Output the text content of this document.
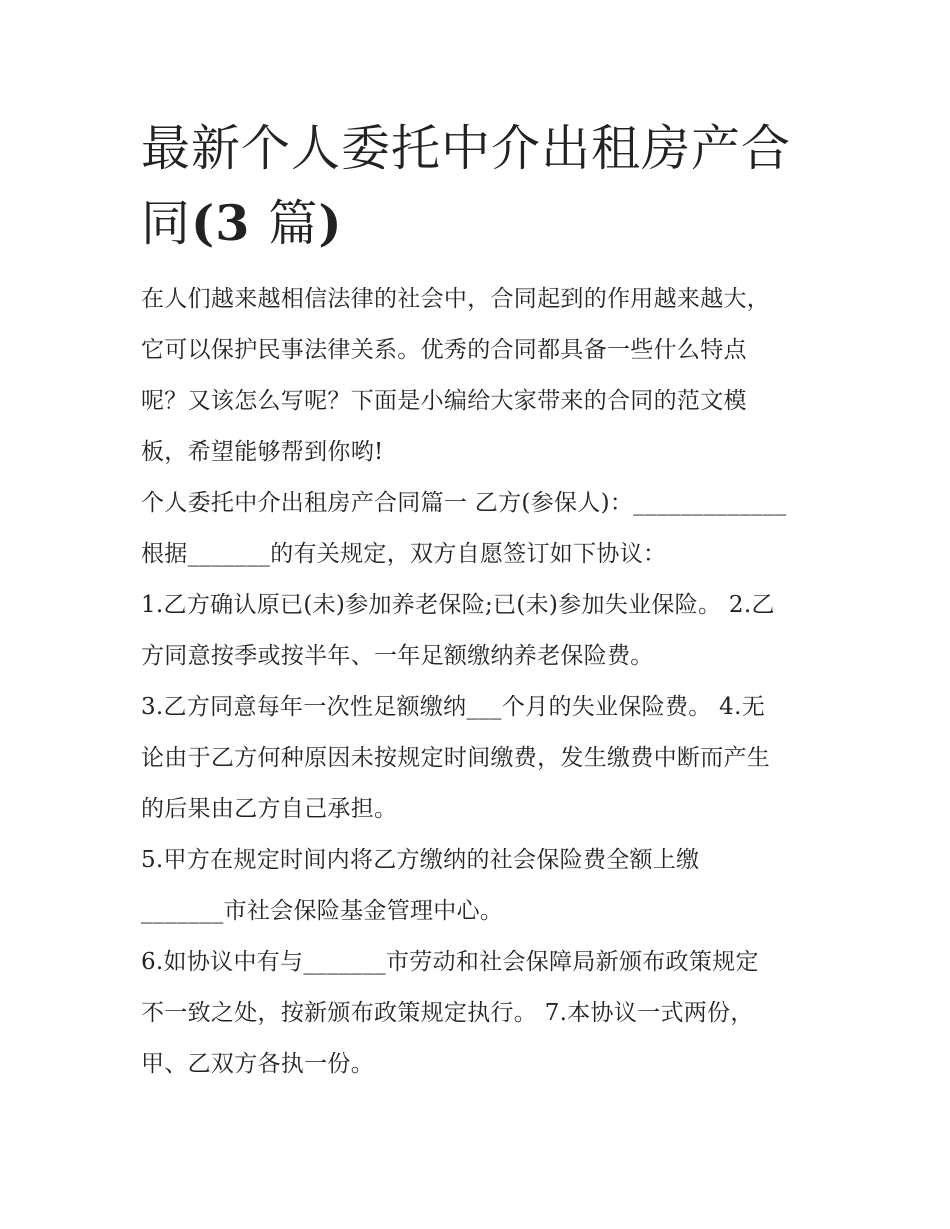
最新个人委托中介出租房产合
同(3 篇)

在人们越来越相信法律的社会中，合同起到的作用越来越大，
它可以保护民事法律关系。优秀的合同都具备一些什么特点
呢？又该怎么写呢？下面是小编给大家带来的合同的范文模
板，希望能够帮到你哟!

个人委托中介出租房产合同篇一 乙方(参保人)：_____________
根据_______的有关规定，双方自愿签订如下协议：

1.乙方确认原已(未)参加养老保险;已(未)参加失业保险。 2.乙
方同意按季或按半年、一年足额缴纳养老保险费。

3.乙方同意每年一次性足额缴纳___个月的失业保险费。 4.无
论由于乙方何种原因未按规定时间缴费，发生缴费中断而产生
的后果由乙方自己承担。

5.甲方在规定时间内将乙方缴纳的社会保险费全额上缴
_______市社会保险基金管理中心。

6.如协议中有与_______市劳动和社会保障局新颁布政策规定
不一致之处，按新颁布政策规定执行。 7.本协议一式两份，
甲、乙双方各执一份。
